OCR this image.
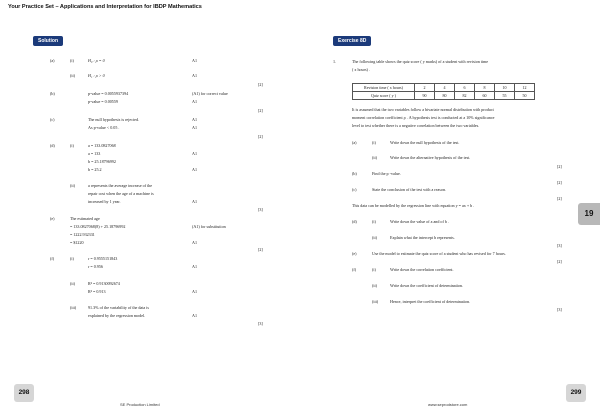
Your Practice Set – Applications and Interpretation for IBDP Mathematics
Solution	Exercise 8D
(a)	(i)	H₀ : ρ = 0	A1
(ii)	H₁ : ρ > 0	A1
[2]
(b)	p-value = 0.0055937394	(A1) for correct value
p-value = 0.00559	A1
[2]
(c)	The null hypothesis is rejected.	A1
As p-value < 0.05 .	A1
[2]
(d)	(i)	a = 133.0827068
a = 133	A1
b = 25.18796992
b = 25.2	A1
(ii)	a represents the average increase of the
repair cost when the age of a machine is
increased by 1 year.	A1
[3]
(e)	The estimated age
= 133.0827068(8) + 25.18796992	(A1) for substitution
= 1222.932331
= $1220	A1
[2]
(f)	(i)	r = 0.9555151843
r = 0.956	A1
(ii)	R² = 0.9130092674
R² = 0.913	A1
(iii)	91.3% of the variability of the data is
explained by the regression model.	A1
[3]
1.	The following table shows the quiz score ( y marks) of a student with revision time
( x hours) .
Revision time ( x hours)	2	4	6	8	10	12
Quiz score ( y )	90	80	82	60	55	50
It is assumed that the two variables follow a bivariate normal distribution with product
moment correlation coefficient ρ . A hypothesis test is conducted at a 10% significance
level to test whether there is a negative correlation between the two variables.
(a)	(i)	Write down the null hypothesis of the test.
(ii)	Write down the alternative hypothesis of the test.
[2]
(b)	Find the p -value.
[2]
(c)	State the conclusion of the test with a reason.
[2]
This data can be modelled by the regression line with equation y = ax + b .
(d)	(i)	Write down the value of a and of b .
(ii)	Explain what the intercept b represents.
[3]
(e)	Use the model to estimate the quiz score of a student who has revised for 7 hours.
[2]
(f)	(i)	Write down the correlation coefficient.
(ii)	Write down the coefficient of determination.
(iii)	Hence, interpret the coefficient of determination.
[3]
19
298	299
SE Production Limited	www.seprodstore.com
